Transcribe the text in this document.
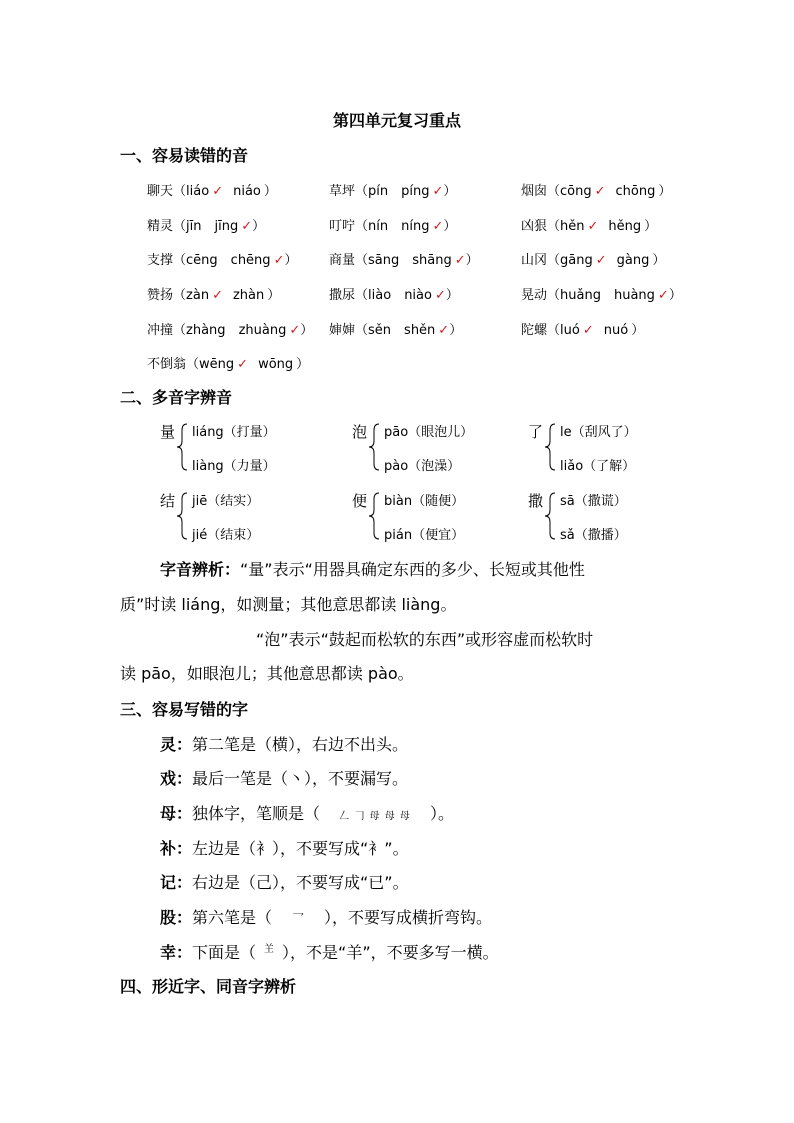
第四单元复习重点
一、容易读错的音
聊天（liáo ✓ niáo ）	草坪（pín píng ✓）	烟囱（cōng ✓ chōng ）
精灵（jīn jīng ✓）	叮咛（nín níng ✓）	凶狠（hěn ✓ hěng ）
支撑（cēng chēng ✓） 商量（sāng shāng ✓）	山冈（gāng ✓ gàng ）
赞扬（zàn ✓ zhàn ）	撒尿（liào niào ✓）	晃动（huǎng huàng ✓）
冲撞（zhàng zhuàng ✓） 婶婶（sěn shěn ✓）	陀螺（luó ✓ nuó ）
不倒翁（wēng ✓ wōng ）
二、多音字辨音
量 liáng（打量）
liàng（力量）
泡 pāo（眼泡儿）
pào（泡澡）
了 le（刮风了）
liǎo（了解）
结 jiē（结实）
jié（结束）
便 biàn（随便）
pián（便宜）
撒 sā（撒谎）
sǎ（撒播）
字音辨析：“量”表示“用器具确定东西的多少、长短或其他性
质”时读 liáng，如测量；其他意思都读 liàng。
“泡”表示“鼓起而松软的东西”或形容虚而松软时
读 pāo，如眼泡儿；其他意思都读 pào。
三、容易写错的字
灵：第二笔是（横），右边不出头。
戏：最后一笔是（丶），不要漏写。
母：独体字，笔顺是（ 𠃋 𠃌 母 母 母 ）。
补：左边是（衤），不要写成“衤”。
记：右边是（己），不要写成“已”。
股：第六笔是（ 乛 ），不要写成横折弯钩。
幸：下面是（ 𦍌 ），不是“羊”，不要多写一横。
四、形近字、同音字辨析
